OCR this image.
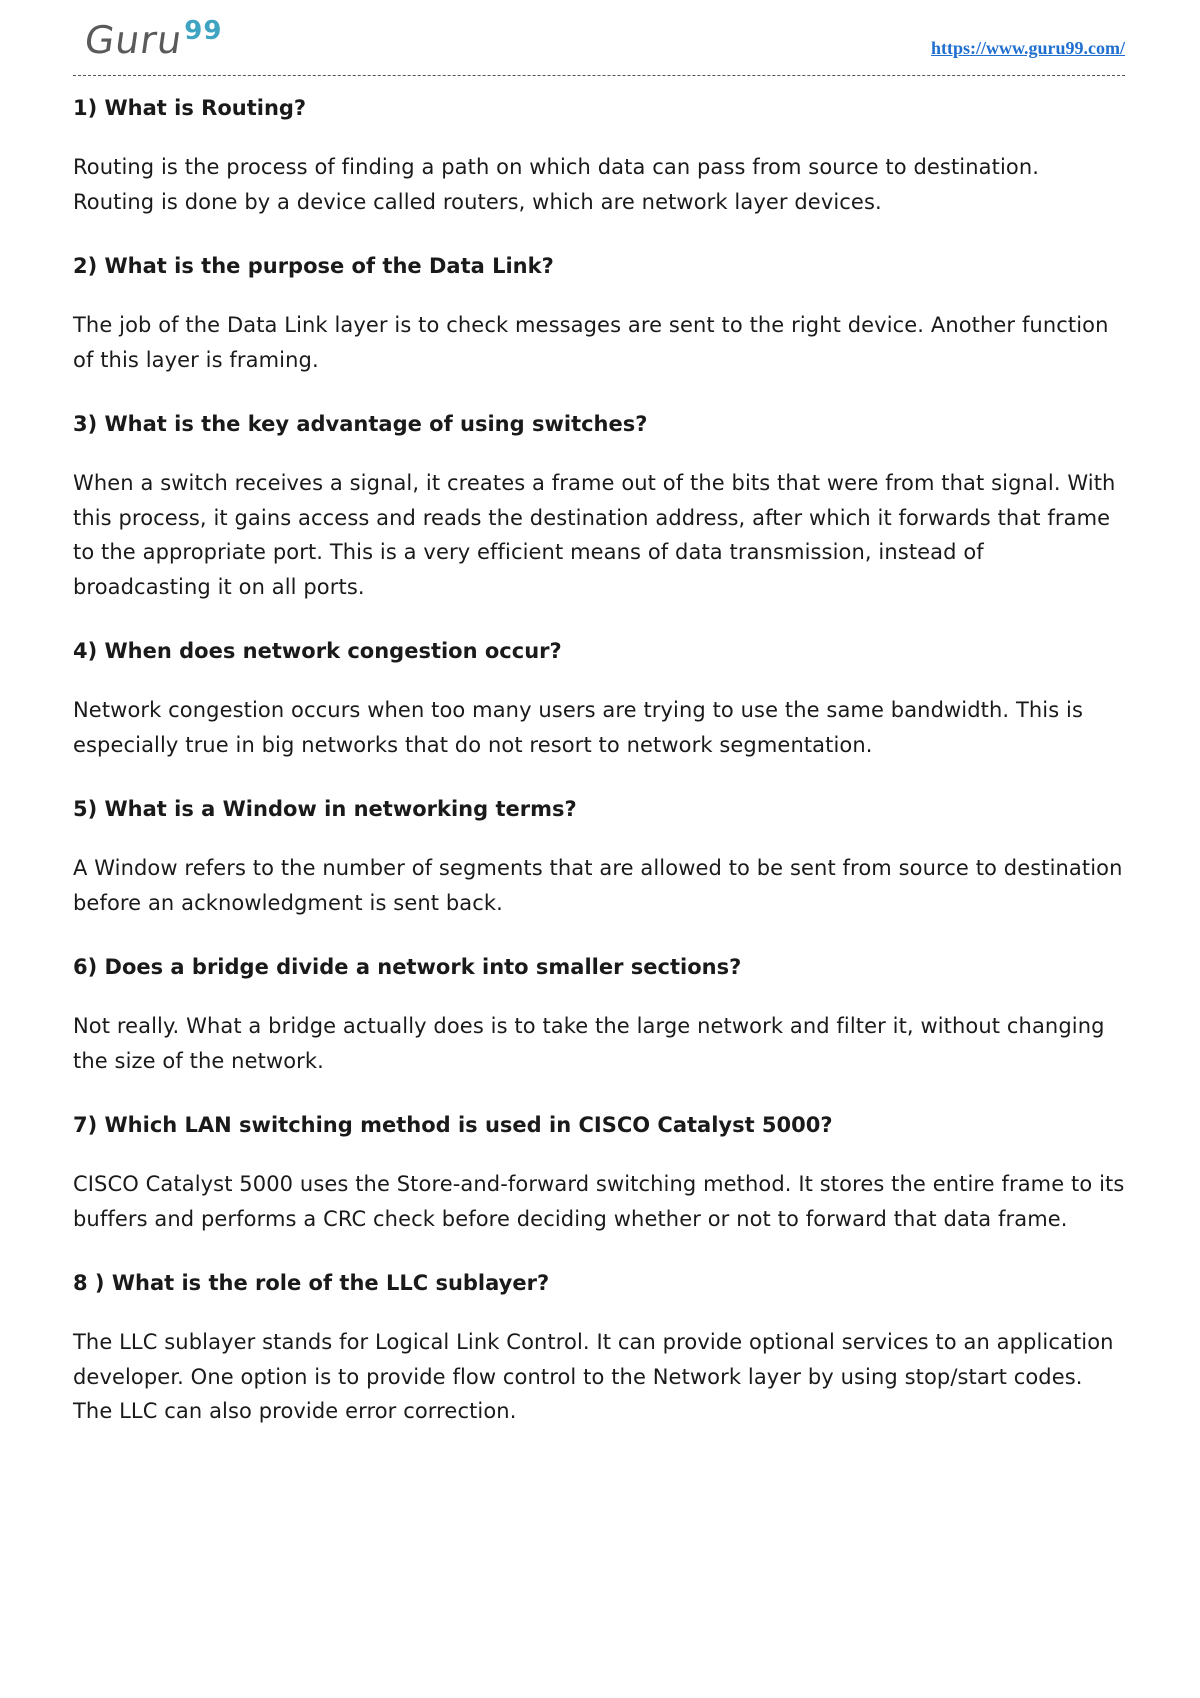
Guru$^{99}$
https://www.guru99.com/
1) What is Routing?

Routing is the process of finding a path on which data can pass from source to destination. Routing is done by a device called routers, which are network layer devices.

2) What is the purpose of the Data Link?

The job of the Data Link layer is to check messages are sent to the right device. Another function of this layer is framing.

3) What is the key advantage of using switches?

When a switch receives a signal, it creates a frame out of the bits that were from that signal. With this process, it gains access and reads the destination address, after which it forwards that frame to the appropriate port. This is a very efficient means of data transmission, instead of broadcasting it on all ports.

4) When does network congestion occur?

Network congestion occurs when too many users are trying to use the same bandwidth. This is especially true in big networks that do not resort to network segmentation.

5) What is a Window in networking terms?

A Window refers to the number of segments that are allowed to be sent from source to destination before an acknowledgment is sent back.

6) Does a bridge divide a network into smaller sections?

Not really. What a bridge actually does is to take the large network and filter it, without changing the size of the network.

7) Which LAN switching method is used in CISCO Catalyst 5000?

CISCO Catalyst 5000 uses the Store-and-forward switching method. It stores the entire frame to its buffers and performs a CRC check before deciding whether or not to forward that data frame.

8 ) What is the role of the LLC sublayer?

The LLC sublayer stands for Logical Link Control. It can provide optional services to an application developer. One option is to provide flow control to the Network layer by using stop/start codes. The LLC can also provide error correction.
